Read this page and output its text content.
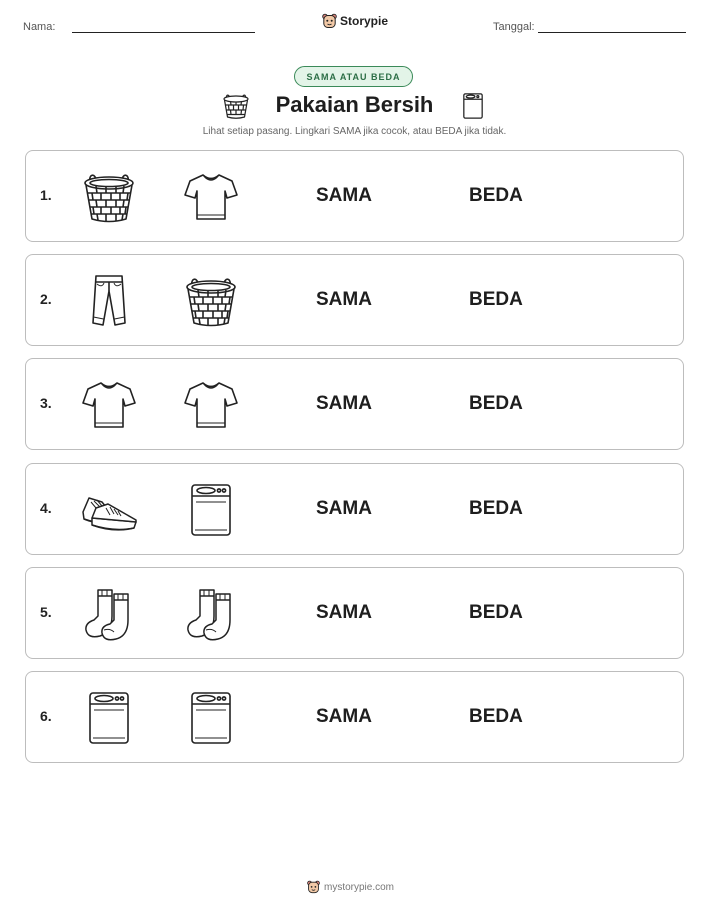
Nama:	Storypie	Tanggal:
SAMA ATAU BEDA
Pakaian Bersih
Lihat setiap pasang. Lingkari SAMA jika cocok, atau BEDA jika tidak.
1.	SAMA	BEDA
2.	SAMA	BEDA
3.	SAMA	BEDA
4.	SAMA	BEDA
5.	SAMA	BEDA
6.	SAMA	BEDA
mystorypie.com
